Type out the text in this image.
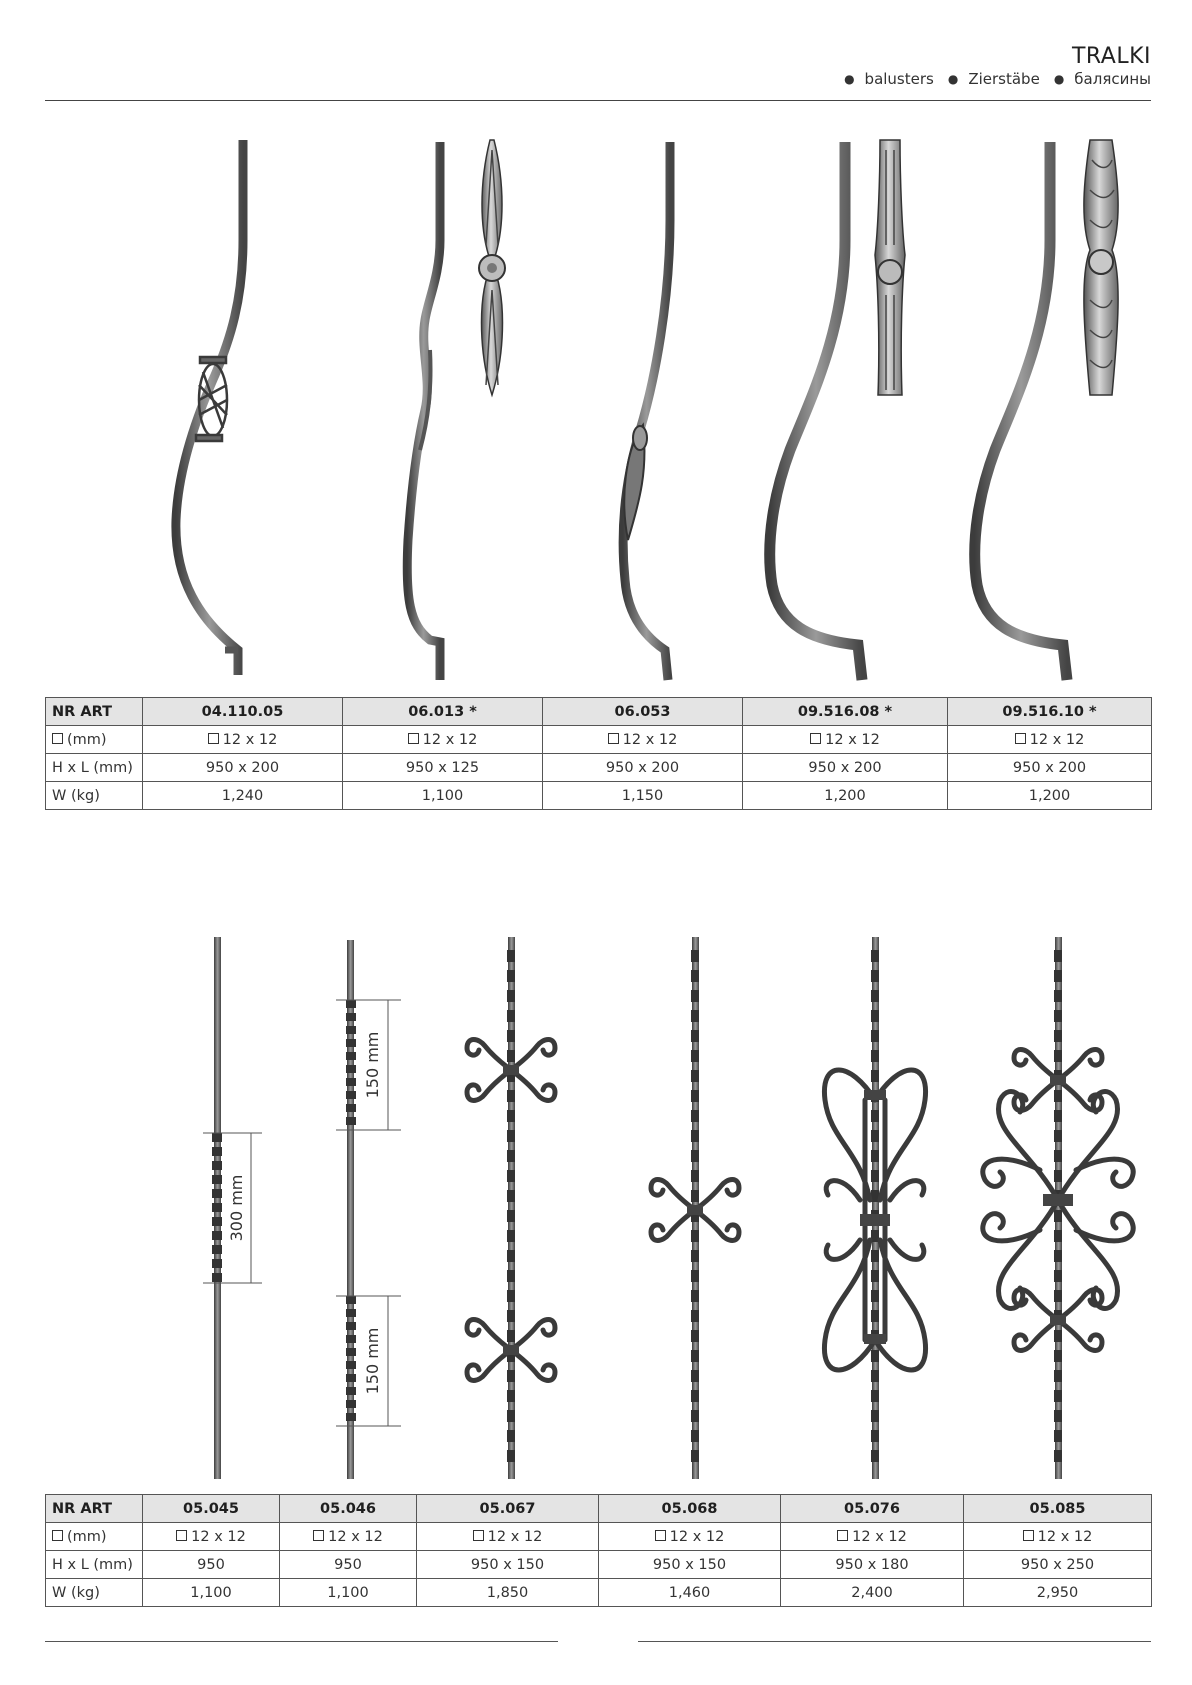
TRALKI
● balusters ● Zierstäbe ● балясины
300 mm
150 mm
150 mm
NR ART	04.110.05	06.013 *	06.053	09.516.08 *	09.516.10 *
(mm)	12 x 12	12 x 12	12 x 12	12 x 12	12 x 12
H x L (mm)	950 x 200	950 x 125	950 x 200	950 x 200	950 x 200
W (kg)	1,240	1,100	1,150	1,200	1,200
NR ART	05.045	05.046	05.067	05.068	05.076	05.085
(mm)	12 x 12	12 x 12	12 x 12	12 x 12	12 x 12	12 x 12
H x L (mm)	950	950	950 x 150	950 x 150	950 x 180	950 x 250
W (kg)	1,100	1,100	1,850	1,460	2,400	2,950
